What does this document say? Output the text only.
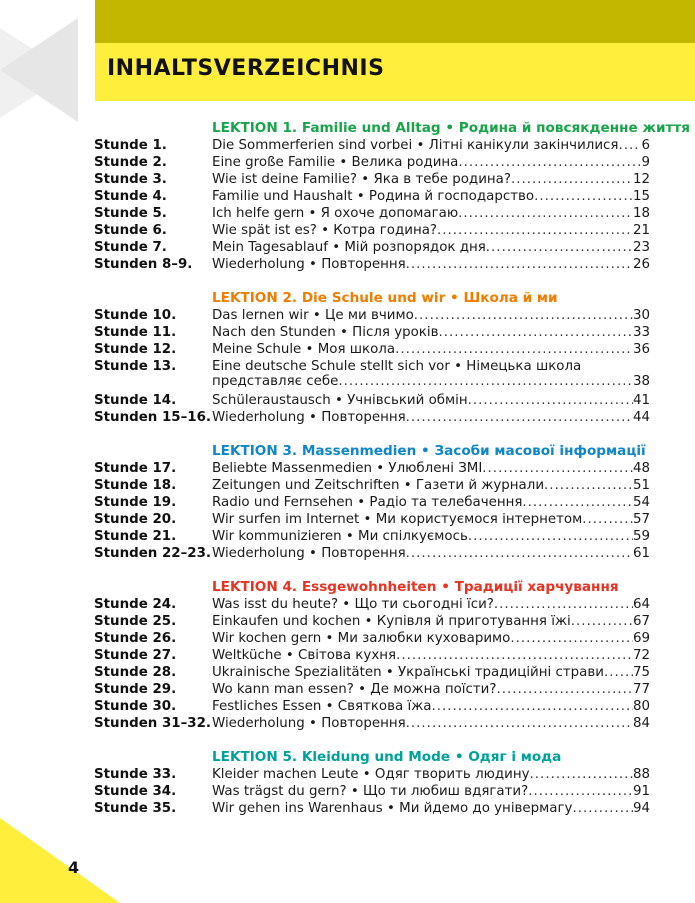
INHALTSVERZEICHNIS
LEKTION 1. Familie und Alltag • Родина й повсякденне життя
Stunde 1.	Die Sommerferien sind vorbei • Літні канікули закінчилися ..... 6
Stunde 2.	Eine große Familie • Велика родина .....	9
Stunde 3.	Wie ist deine Familie? • Яка в тебе родина? .....	12
Stunde 4.	Familie und Haushalt • Родина й господарство .....	15
Stunde 5.	Ich helfe gern • Я охоче допомагаю .....	18
Stunde 6.	Wie spät ist es? • Котра година? .....	21
Stunde 7.	Mein Tagesablauf • Мій розпорядок дня .....	23
Stunden 8–9. Wiederholung • Повторення .....	26
LEKTION 2. Die Schule und wir • Школа й ми
Stunde 10.	Das lernen wir • Це ми вчимо .....	30
Stunde 11.	Nach den Stunden • Після уроків .....	33
Stunde 12.	Meine Schule • Моя школа .....	36
Stunde 13.	Eine deutsche Schule stellt sich vor • Німецька школа
представляє себе .....	38
Stunde 14.	Schüleraustausch • Учнівський обмін .....	41
Stunden 15–16. Wiederholung • Повторення .....	44
LEKTION 3. Massenmedien • Засоби масової інформації
Stunde 17.	Beliebte Massenmedien • Улюблені ЗМІ .....	48
Stunde 18.	Zeitungen und Zeitschriften • Газети й журнали .....	51
Stunde 19.	Radio und Fernsehen • Радіо та телебачення .....	54
Stunde 20.	Wir surfen im Internet • Ми користуємося інтернетом .....	57
Stunde 21.	Wir kommunizieren • Ми спілкуємось .....	59
Stunden 22–23. Wiederholung • Повторення .....	61
LEKTION 4. Essgewohnheiten • Традиції харчування
Stunde 24.	Was isst du heute? • Що ти сьогодні їси? .....	64
Stunde 25.	Einkaufen und kochen • Купівля й приготування їжі .....	67
Stunde 26.	Wir kochen gern • Ми залюбки куховаримо .....	69
Stunde 27.	Weltküche • Світова кухня .....	72
Stunde 28.	Ukrainische Spezialitäten • Українські традиційні страви ..... 75
Stunde 29.	Wo kann man essen? • Де можна поїсти? .....	77
Stunde 30.	Festliches Essen • Святкова їжа .....	80
Stunden 31–32. Wiederholung • Повторення .....	84
LEKTION 5. Kleidung und Mode • Одяг і мода
Stunde 33.	Kleider machen Leute • Одяг творить людину .....	88
Stunde 34.	Was trägst du gern? • Що ти любиш вдягати? .....	91
Stunde 35.	Wir gehen ins Warenhaus • Ми йдемо до універмагу .....	94
4
